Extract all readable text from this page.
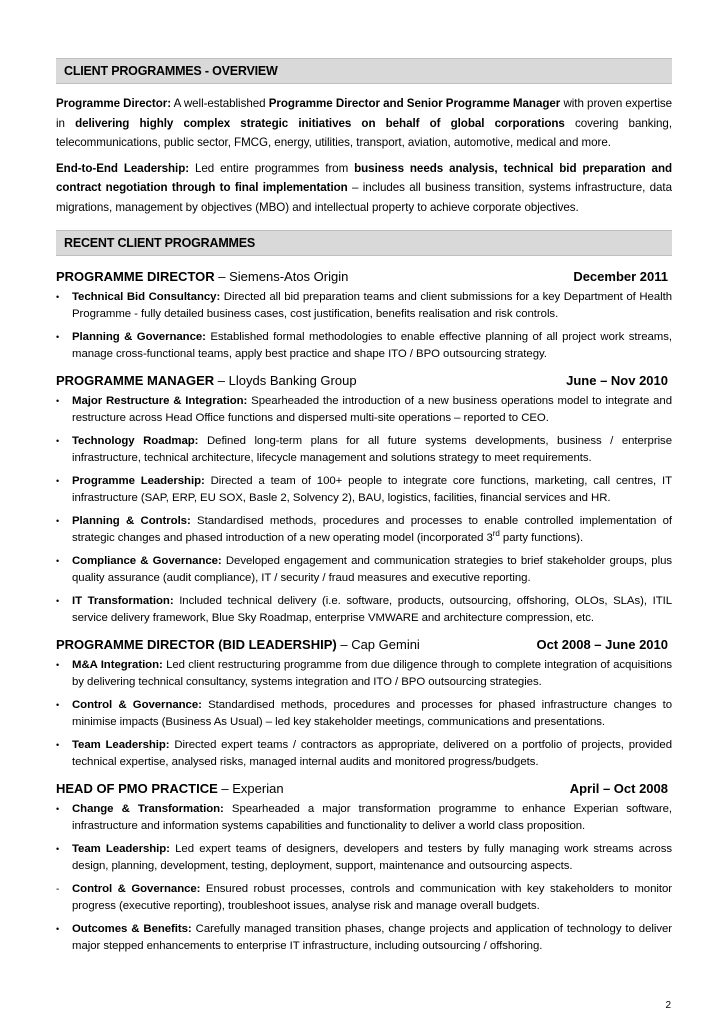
CLIENT PROGRAMMES - OVERVIEW

Programme Director: A well-established Programme Director and Senior Programme Manager with proven expertise in delivering highly complex strategic initiatives on behalf of global corporations covering banking, telecommunications, public sector, FMCG, energy, utilities, transport, aviation, automotive, medical and more.

End-to-End Leadership: Led entire programmes from business needs analysis, technical bid preparation and contract negotiation through to final implementation – includes all business transition, systems infrastructure, data migrations, management by objectives (MBO) and intellectual property to achieve corporate objectives.

RECENT CLIENT PROGRAMMES
PROGRAMME DIRECTOR – Siemens-Atos Origin	December 2011
• Technical Bid Consultancy: Directed all bid preparation teams and client submissions for a key Department of Health Programme - fully detailed business cases, cost justification, benefits realisation and risk controls.
• Planning & Governance: Established formal methodologies to enable effective planning of all project work streams, manage cross-functional teams, apply best practice and shape ITO / BPO outsourcing strategy.
PROGRAMME MANAGER – Lloyds Banking Group	June – Nov 2010
• Major Restructure & Integration: Spearheaded the introduction of a new business operations model to integrate and restructure across Head Office functions and dispersed multi-site operations – reported to CEO.
• Technology Roadmap: Defined long-term plans for all future systems developments, business / enterprise infrastructure, technical architecture, lifecycle management and solutions strategy to meet requirements.
• Programme Leadership: Directed a team of 100+ people to integrate core functions, marketing, call centres, IT infrastructure (SAP, ERP, EU SOX, Basle 2, Solvency 2), BAU, logistics, facilities, financial services and HR.
• Planning & Controls: Standardised methods, procedures and processes to enable controlled implementation of strategic changes and phased introduction of a new operating model (incorporated 3rd party functions).
• Compliance & Governance: Developed engagement and communication strategies to brief stakeholder groups, plus quality assurance (audit compliance), IT / security / fraud measures and executive reporting.
• IT Transformation: Included technical delivery (i.e. software, products, outsourcing, offshoring, OLOs, SLAs), ITIL service delivery framework, Blue Sky Roadmap, enterprise VMWARE and architecture compression, etc.
PROGRAMME DIRECTOR (BID LEADERSHIP) – Cap Gemini	Oct 2008 – June 2010
• M&A Integration: Led client restructuring programme from due diligence through to complete integration of acquisitions by delivering technical consultancy, systems integration and ITO / BPO outsourcing strategies.
• Control & Governance: Standardised methods, procedures and processes for phased infrastructure changes to minimise impacts (Business As Usual) – led key stakeholder meetings, communications and presentations.
• Team Leadership: Directed expert teams / contractors as appropriate, delivered on a portfolio of projects, provided technical expertise, analysed risks, managed internal audits and monitored progress/budgets.
HEAD OF PMO PRACTICE – Experian	April – Oct 2008
• Change & Transformation: Spearheaded a major transformation programme to enhance Experian software, infrastructure and information systems capabilities and functionality to deliver a world class proposition.
• Team Leadership: Led expert teams of designers, developers and testers by fully managing work streams across design, planning, development, testing, deployment, support, maintenance and outsourcing aspects.
- Control & Governance: Ensured robust processes, controls and communication with key stakeholders to monitor progress (executive reporting), troubleshoot issues, analyse risk and manage overall budgets.
• Outcomes & Benefits: Carefully managed transition phases, change projects and application of technology to deliver major stepped enhancements to enterprise IT infrastructure, including outsourcing / offshoring.
2
